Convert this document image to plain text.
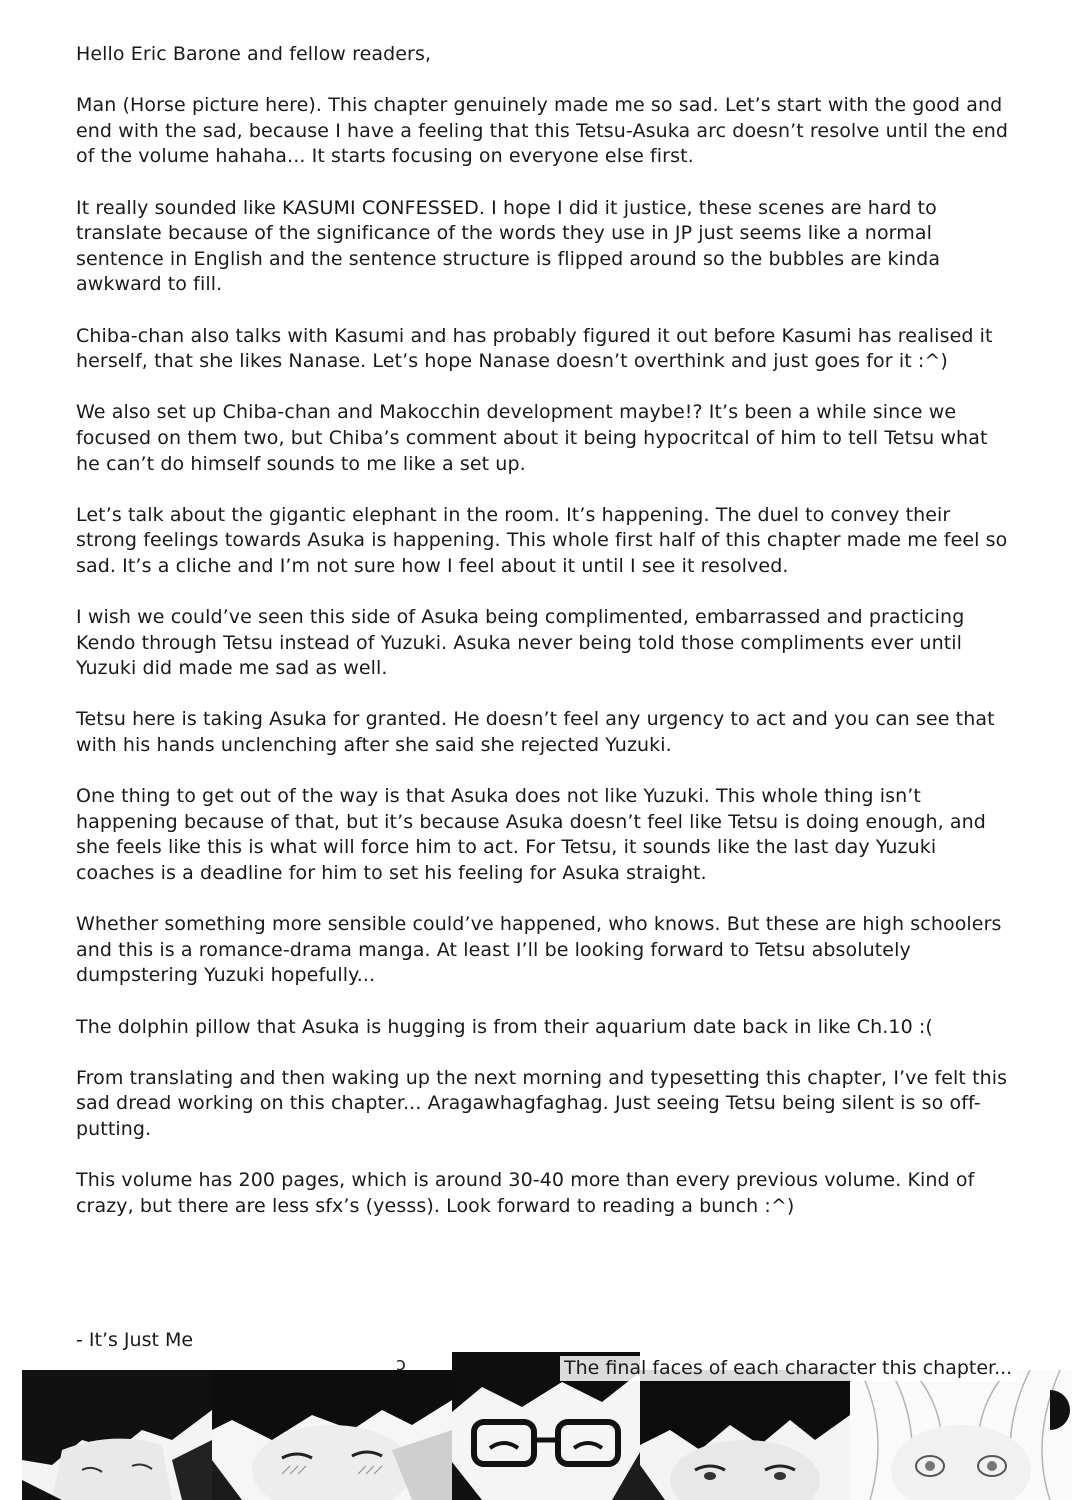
Hello Eric Barone and fellow readers,

Man (Horse picture here). This chapter genuinely made me so sad. Let’s start with the good and end with the sad, because I have a feeling that this Tetsu-Asuka arc doesn’t resolve until the end of the volume hahaha... It starts focusing on everyone else first.

It really sounded like KASUMI CONFESSED. I hope I did it justice, these scenes are hard to translate because of the significance of the words they use in JP just seems like a normal sentence in English and the sentence structure is flipped around so the bubbles are kinda awkward to fill.

Chiba-chan also talks with Kasumi and has probably figured it out before Kasumi has realised it herself, that she likes Nanase. Let’s hope Nanase doesn’t overthink and just goes for it :^)

We also set up Chiba-chan and Makocchin development maybe!? It’s been a while since we focused on them two, but Chiba’s comment about it being hypocritcal of him to tell Tetsu what he can’t do himself sounds to me like a set up.

Let’s talk about the gigantic elephant in the room. It’s happening. The duel to convey their strong feelings towards Asuka is happening. This whole first half of this chapter made me feel so sad. It’s a cliche and I’m not sure how I feel about it until I see it resolved.

I wish we could’ve seen this side of Asuka being complimented, embarrassed and practicing Kendo through Tetsu instead of Yuzuki. Asuka never being told those compliments ever until Yuzuki did made me sad as well.

Tetsu here is taking Asuka for granted. He doesn’t feel any urgency to act and you can see that with his hands unclenching after she said she rejected Yuzuki.

One thing to get out of the way is that Asuka does not like Yuzuki. This whole thing isn’t happening because of that, but it’s because Asuka doesn’t feel like Tetsu is doing enough, and she feels like this is what will force him to act. For Tetsu, it sounds like the last day Yuzuki coaches is a deadline for him to set his feeling for Asuka straight.

Whether something more sensible could’ve happened, who knows. But these are high schoolers and this is a romance-drama manga. At least I’ll be looking forward to Tetsu absolutely dumpstering Yuzuki hopefully...

The dolphin pillow that Asuka is hugging is from their aquarium date back in like Ch.10 :(

From translating and then waking up the next morning and typesetting this chapter, I’ve felt this sad dread working on this chapter... Aragawhagfaghag. Just seeing Tetsu being silent is so off-putting.

This volume has 200 pages, which is around 30-40 more than every previous volume. Kind of crazy, but there are less sfx’s (yesss). Look forward to reading a bunch :^)

- It’s Just Me
ɔ	The final faces of each character this chapter...
